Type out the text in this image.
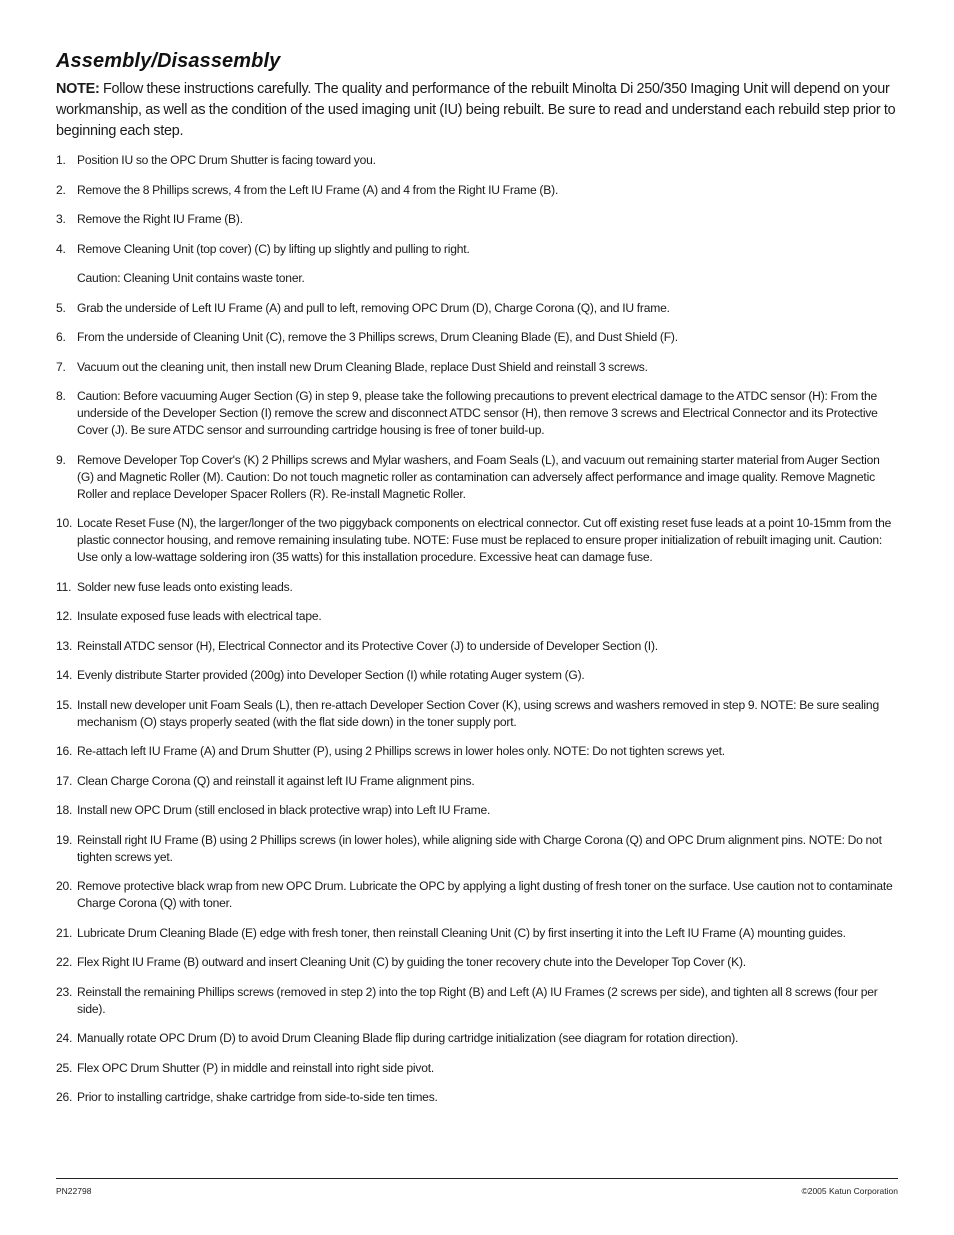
Assembly/Disassembly

NOTE: Follow these instructions carefully. The quality and performance of the rebuilt Minolta Di 250/350 Imaging Unit will depend on your workmanship, as well as the condition of the used imaging unit (IU) being rebuilt. Be sure to read and understand each rebuild step prior to beginning each step.

1. Position IU so the OPC Drum Shutter is facing toward you.
2. Remove the 8 Phillips screws, 4 from the Left IU Frame (A) and 4 from the Right IU Frame (B).
3. Remove the Right IU Frame (B).
4. Remove Cleaning Unit (top cover) (C) by lifting up slightly and pulling to right.
Caution: Cleaning Unit contains waste toner.
5. Grab the underside of Left IU Frame (A) and pull to left, removing OPC Drum (D), Charge Corona (Q), and IU frame.
6. From the underside of Cleaning Unit (C), remove the 3 Phillips screws, Drum Cleaning Blade (E), and Dust Shield (F).
7. Vacuum out the cleaning unit, then install new Drum Cleaning Blade, replace Dust Shield and reinstall 3 screws.
8. Caution: Before vacuuming Auger Section (G) in step 9, please take the following precautions to prevent electrical damage to the ATDC sensor (H): From the underside of the Developer Section (I) remove the screw and disconnect ATDC sensor (H), then remove 3 screws and Electrical Connector and its Protective Cover (J). Be sure ATDC sensor and surrounding cartridge housing is free of toner build-up.
9. Remove Developer Top Cover's (K) 2 Phillips screws and Mylar washers, and Foam Seals (L), and vacuum out remaining starter material from Auger Section (G) and Magnetic Roller (M). Caution: Do not touch magnetic roller as contamination can adversely affect performance and image quality. Remove Magnetic Roller and replace Developer Spacer Rollers (R). Re-install Magnetic Roller.
10. Locate Reset Fuse (N), the larger/longer of the two piggyback components on electrical connector. Cut off existing reset fuse leads at a point 10-15mm from the plastic connector housing, and remove remaining insulating tube. NOTE: Fuse must be replaced to ensure proper initialization of rebuilt imaging unit. Caution: Use only a low-wattage soldering iron (35 watts) for this installation procedure. Excessive heat can damage fuse.
11. Solder new fuse leads onto existing leads.
12. Insulate exposed fuse leads with electrical tape.
13. Reinstall ATDC sensor (H), Electrical Connector and its Protective Cover (J) to underside of Developer Section (I).
14. Evenly distribute Starter provided (200g) into Developer Section (I) while rotating Auger system (G).
15. Install new developer unit Foam Seals (L), then re-attach Developer Section Cover (K), using screws and washers removed in step 9. NOTE: Be sure sealing mechanism (O) stays properly seated (with the flat side down) in the toner supply port.
16. Re-attach left IU Frame (A) and Drum Shutter (P), using 2 Phillips screws in lower holes only. NOTE: Do not tighten screws yet.
17. Clean Charge Corona (Q) and reinstall it against left IU Frame alignment pins.
18. Install new OPC Drum (still enclosed in black protective wrap) into Left IU Frame.
19. Reinstall right IU Frame (B) using 2 Phillips screws (in lower holes), while aligning side with Charge Corona (Q) and OPC Drum alignment pins. NOTE: Do not tighten screws yet.
20. Remove protective black wrap from new OPC Drum. Lubricate the OPC by applying a light dusting of fresh toner on the surface. Use caution not to contaminate Charge Corona (Q) with toner.
21. Lubricate Drum Cleaning Blade (E) edge with fresh toner, then reinstall Cleaning Unit (C) by first inserting it into the Left IU Frame (A) mounting guides.
22. Flex Right IU Frame (B) outward and insert Cleaning Unit (C) by guiding the toner recovery chute into the Developer Top Cover (K).
23. Reinstall the remaining Phillips screws (removed in step 2) into the top Right (B) and Left (A) IU Frames (2 screws per side), and tighten all 8 screws (four per side).
24. Manually rotate OPC Drum (D) to avoid Drum Cleaning Blade flip during cartridge initialization (see diagram for rotation direction).
25. Flex OPC Drum Shutter (P) in middle and reinstall into right side pivot.
26. Prior to installing cartridge, shake cartridge from side-to-side ten times.
PN22798	©2005 Katun Corporation
